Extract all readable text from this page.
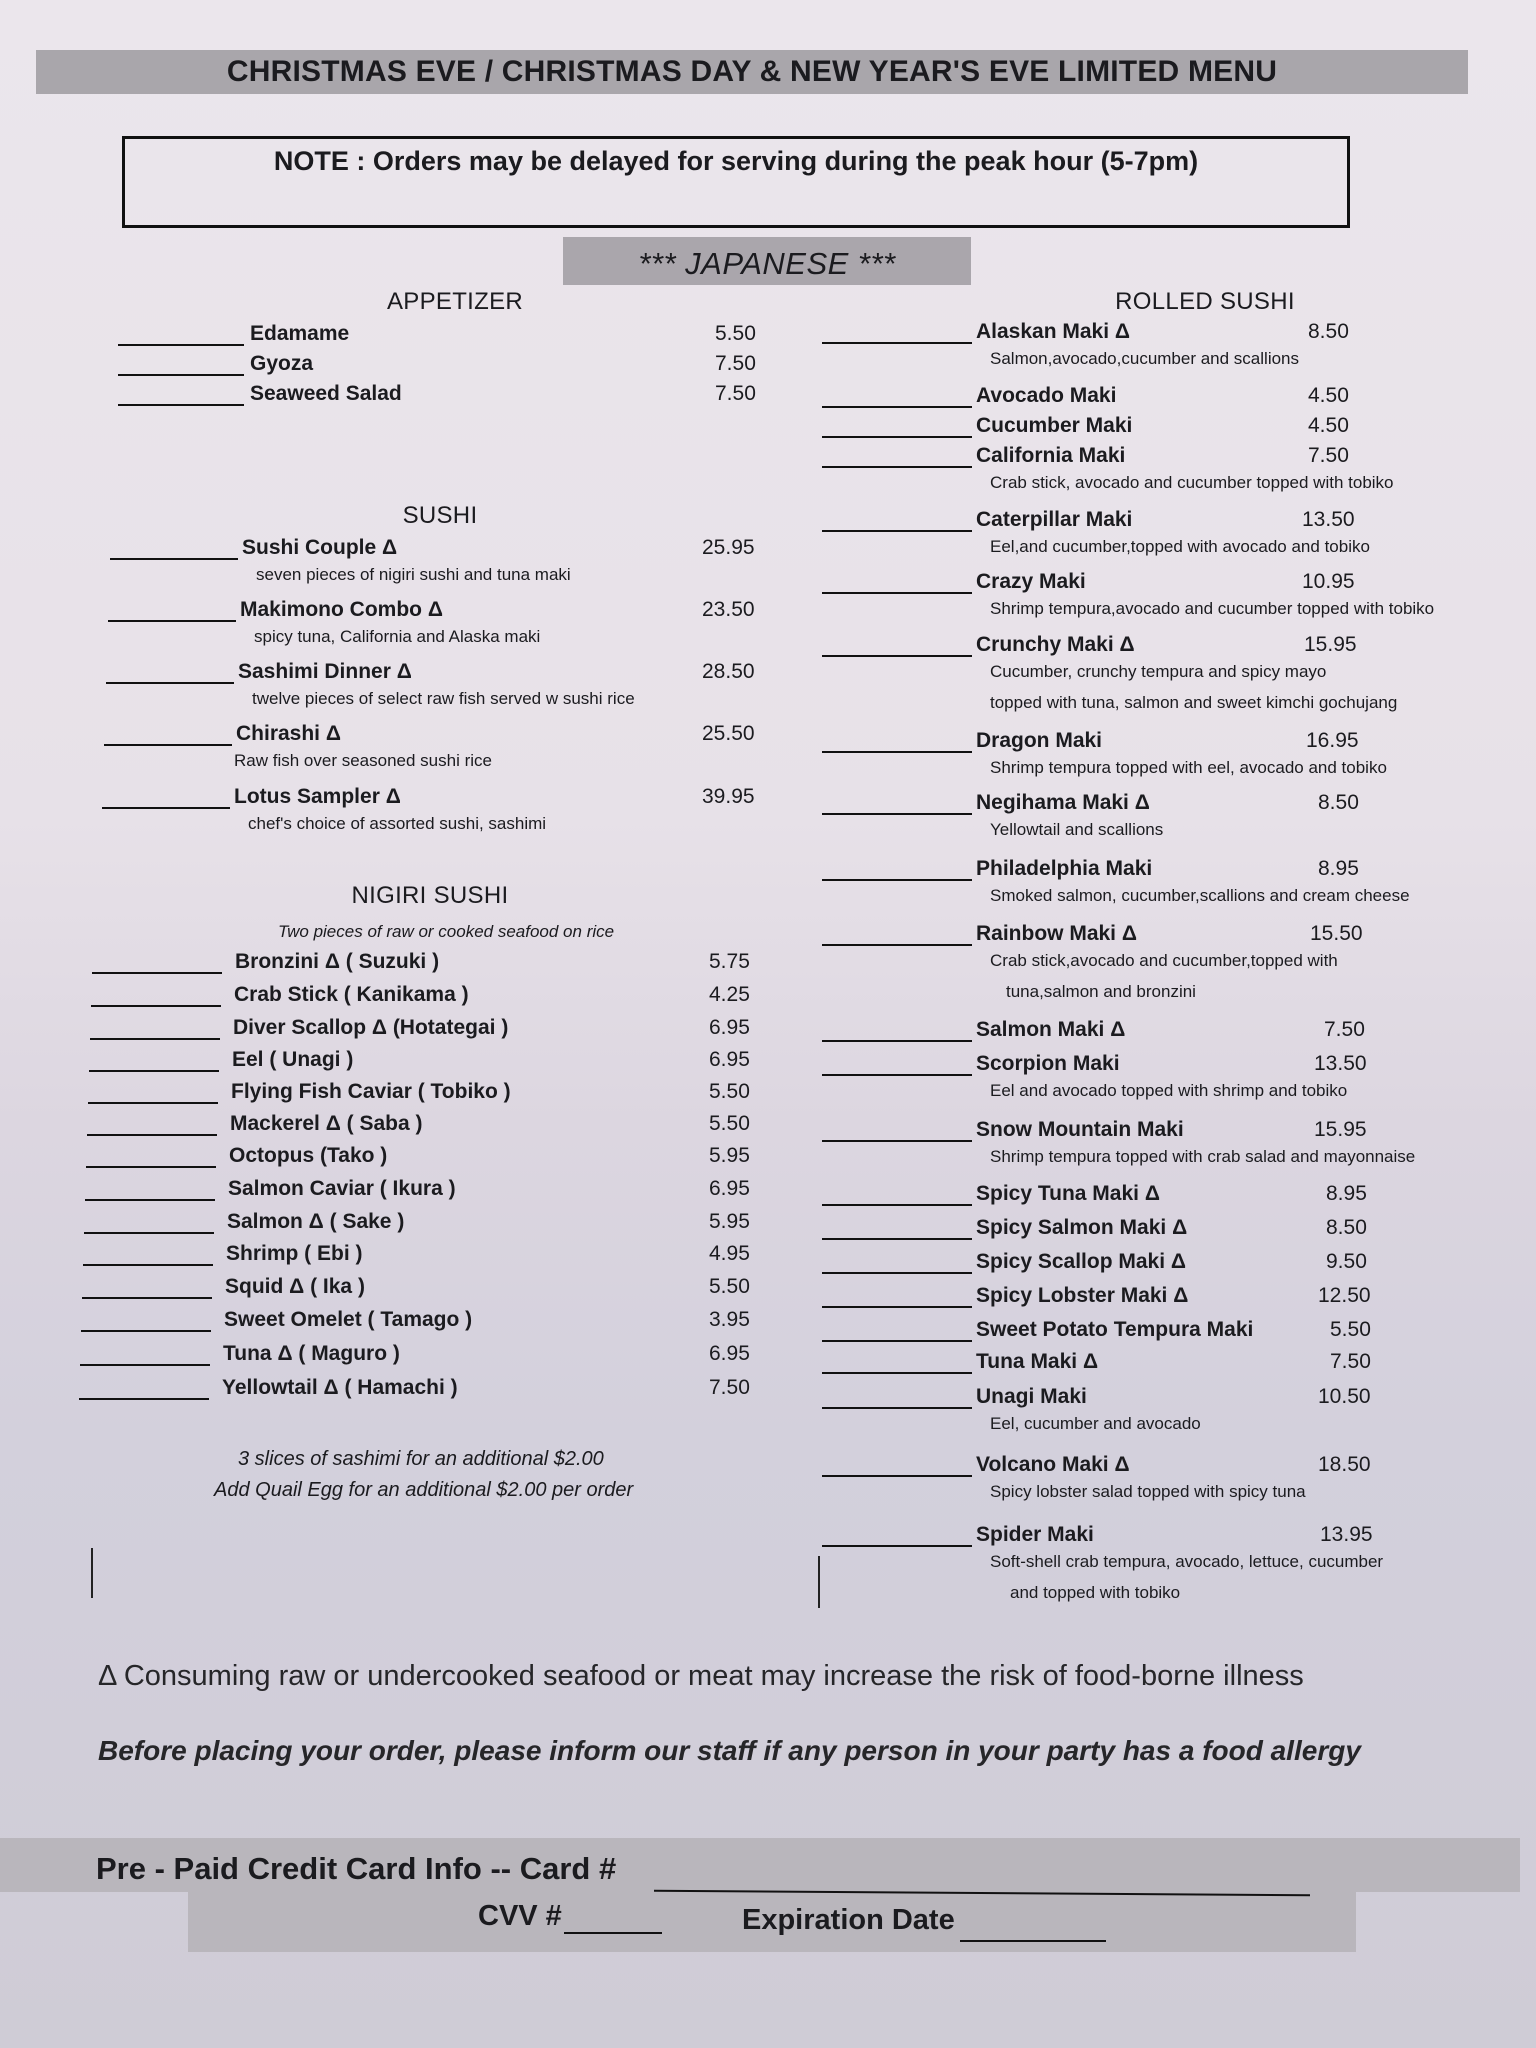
CHRISTMAS EVE / CHRISTMAS DAY & NEW YEAR'S EVE LIMITED MENU
NOTE : Orders may be delayed for serving during the peak hour (5-7pm)
*** JAPANESE ***
APPETIZER
Edamame	5.50
Gyoza	7.50
Seaweed Salad	7.50
SUSHI
Sushi Couple Δ	25.95
seven pieces of nigiri sushi and tuna maki
Makimono Combo Δ	23.50
spicy tuna, California and Alaska maki
Sashimi Dinner Δ	28.50
twelve pieces of select raw fish served w sushi rice
Chirashi Δ	25.50
Raw fish over seasoned sushi rice
Lotus Sampler Δ	39.95
chef's choice of assorted sushi, sashimi
NIGIRI SUSHI
Two pieces of raw or cooked seafood on rice
Bronzini Δ ( Suzuki )	5.75
Crab Stick ( Kanikama )	4.25
Diver Scallop Δ (Hotategai )	6.95
Eel ( Unagi )	6.95
Flying Fish Caviar ( Tobiko )	5.50
Mackerel Δ ( Saba )	5.50
Octopus (Tako )	5.95
Salmon Caviar ( Ikura )	6.95
Salmon Δ ( Sake )	5.95
Shrimp ( Ebi )	4.95
Squid Δ ( Ika )	5.50
Sweet Omelet ( Tamago )	3.95
Tuna Δ ( Maguro )	6.95
Yellowtail Δ ( Hamachi )	7.50
3 slices of sashimi for an additional $2.00
Add Quail Egg for an additional $2.00 per order
ROLLED SUSHI
Alaskan Maki Δ	8.50
Salmon,avocado,cucumber and scallions
Avocado Maki	4.50
Cucumber Maki	4.50
California Maki	7.50
Crab stick, avocado and cucumber topped with tobiko
Caterpillar Maki	13.50
Eel,and cucumber,topped with avocado and tobiko
Crazy Maki	10.95
Shrimp tempura,avocado and cucumber topped with tobiko
Crunchy Maki Δ	15.95
Cucumber, crunchy tempura and spicy mayo
topped with tuna, salmon and sweet kimchi gochujang
Dragon Maki	16.95
Shrimp tempura topped with eel, avocado and tobiko
Negihama Maki Δ	8.50
Yellowtail and scallions
Philadelphia Maki	8.95
Smoked salmon, cucumber,scallions and cream cheese
Rainbow Maki Δ	15.50
Crab stick,avocado and cucumber,topped with
tuna,salmon and bronzini
Salmon Maki Δ	7.50
Scorpion Maki	13.50
Eel and avocado topped with shrimp and tobiko
Snow Mountain Maki	15.95
Shrimp tempura topped with crab salad and mayonnaise
Spicy Tuna Maki Δ	8.95
Spicy Salmon Maki Δ	8.50
Spicy Scallop Maki Δ	9.50
Spicy Lobster Maki Δ	12.50
Sweet Potato Tempura Maki	5.50
Tuna Maki Δ	7.50
Unagi Maki	10.50
Eel, cucumber and avocado
Volcano Maki Δ	18.50
Spicy lobster salad topped with spicy tuna
Spider Maki	13.95
Soft-shell crab tempura, avocado, lettuce, cucumber
and topped with tobiko
Δ Consuming raw or undercooked seafood or meat may increase the risk of food-borne illness
Before placing your order, please inform our staff if any person in your party has a food allergy
Pre - Paid Credit Card Info -- Card #
CVV #	Expiration Date
